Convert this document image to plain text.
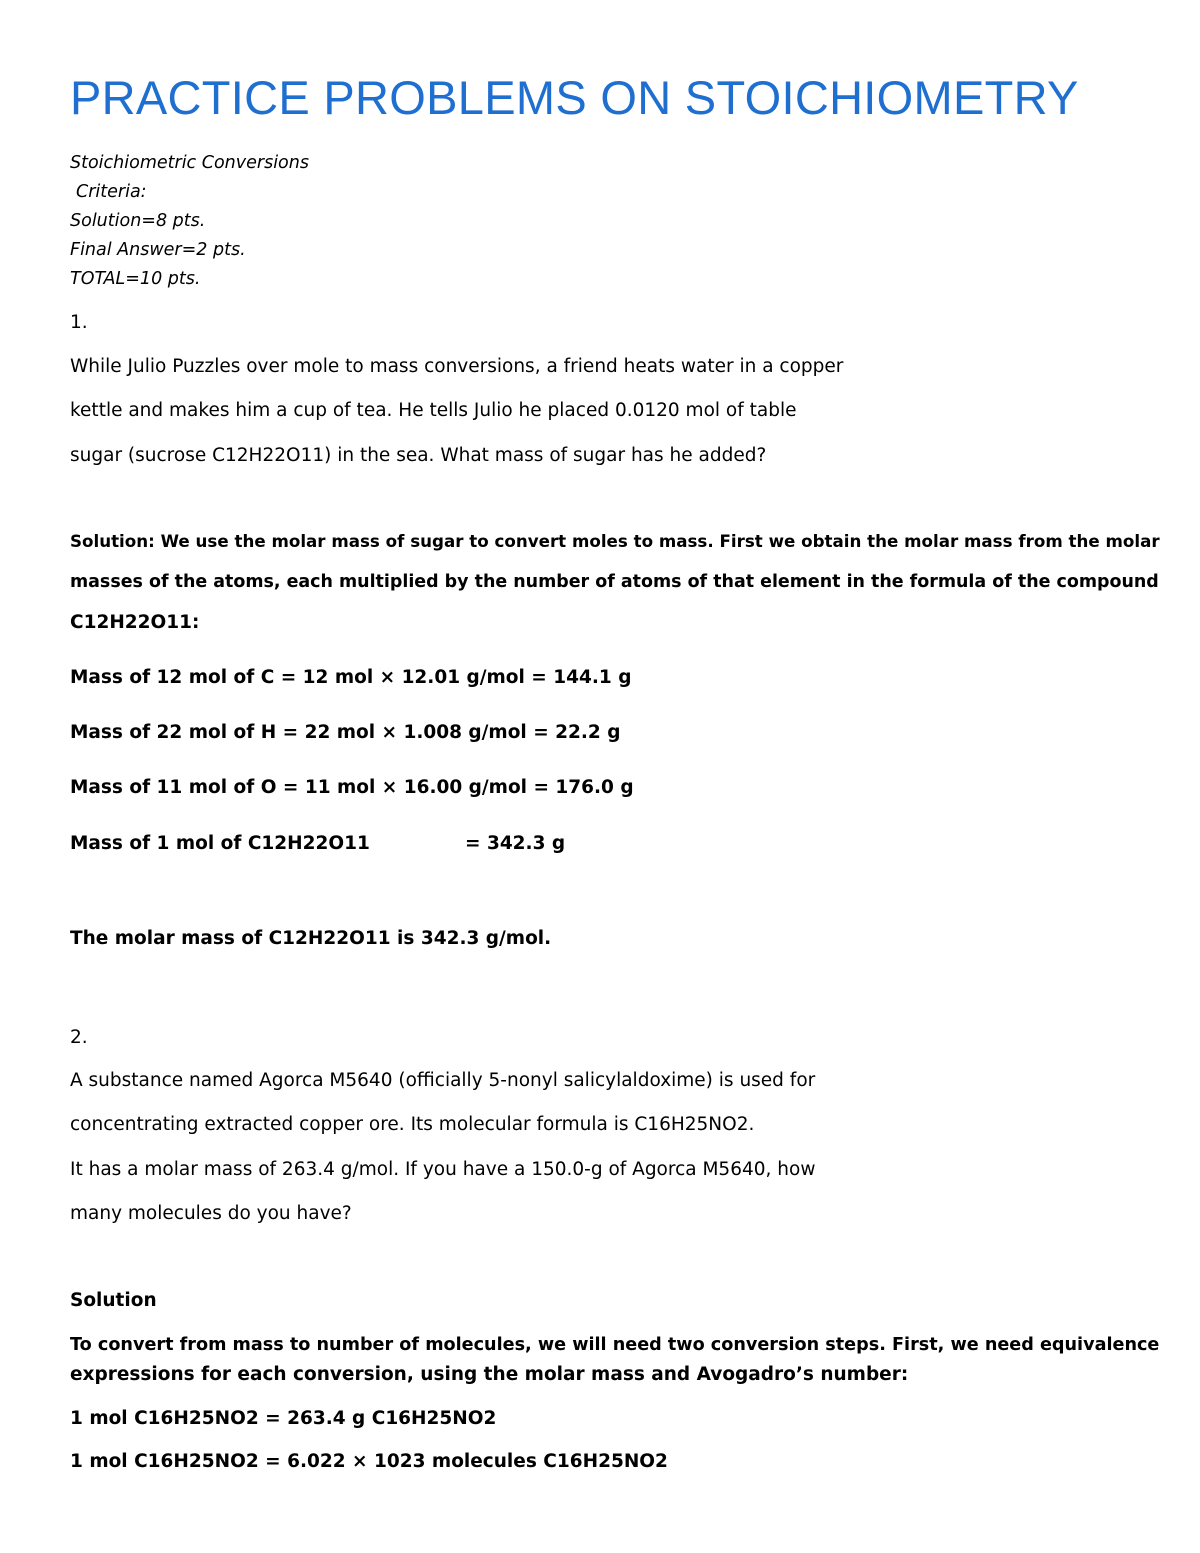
PRACTICE PROBLEMS ON STOICHIOMETRY
Stoichiometric Conversions
Criteria:
Solution=8 pts.
Final Answer=2 pts.
TOTAL=10 pts.
1.
While Julio Puzzles over mole to mass conversions, a friend heats water in a copper
kettle and makes him a cup of tea. He tells Julio he placed 0.0120 mol of table
sugar (sucrose C12H22O11) in the sea. What mass of sugar has he added?
Solution: We use the molar mass of sugar to convert moles to mass. First we obtain the molar mass from the molar
masses of the atoms, each multiplied by the number of atoms of that element in the formula of the compound
C12H22O11:
Mass of 12 mol of C = 12 mol × 12.01 g/mol = 144.1 g
Mass of 22 mol of H = 22 mol × 1.008 g/mol = 22.2 g
Mass of 11 mol of O = 11 mol × 16.00 g/mol = 176.0 g
Mass of 1 mol of C12H22O11	= 342.3 g
The molar mass of C12H22O11 is 342.3 g/mol.
2.
A substance named Agorca M5640 (officially 5-nonyl salicylaldoxime) is used for
concentrating extracted copper ore. Its molecular formula is C16H25NO2.
It has a molar mass of 263.4 g/mol. If you have a 150.0-g of Agorca M5640, how
many molecules do you have?
Solution
To convert from mass to number of molecules, we will need two conversion steps. First, we need equivalence
expressions for each conversion, using the molar mass and Avogadro’s number:
1 mol C16H25NO2 = 263.4 g C16H25NO2
1 mol C16H25NO2 = 6.022 × 1023 molecules C16H25NO2
